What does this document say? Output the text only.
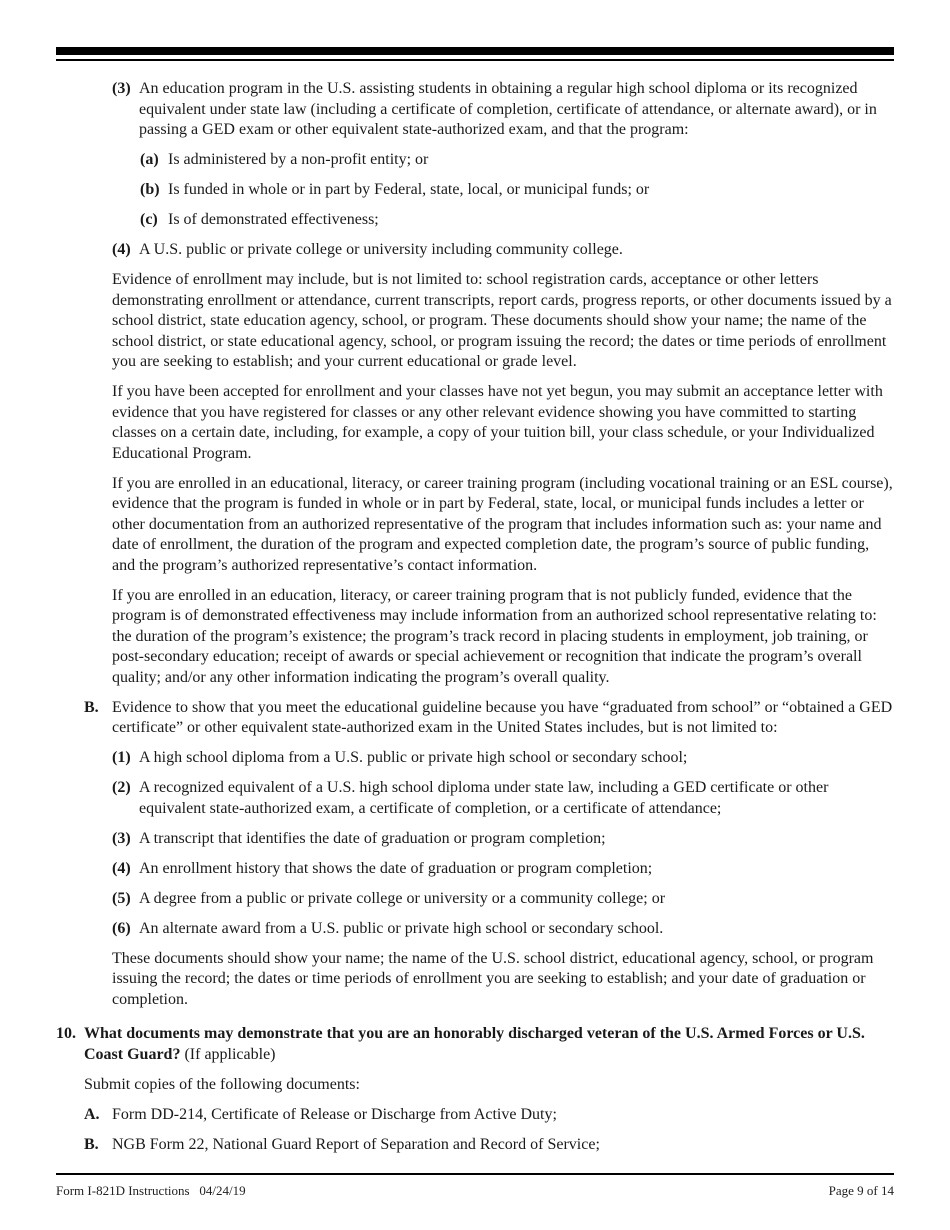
(3) An education program in the U.S. assisting students in obtaining a regular high school diploma or its recognized equivalent under state law (including a certificate of completion, certificate of attendance, or alternate award), or in passing a GED exam or other equivalent state-authorized exam, and that the program:
(a) Is administered by a non-profit entity; or
(b) Is funded in whole or in part by Federal, state, local, or municipal funds; or
(c) Is of demonstrated effectiveness;
(4) A U.S. public or private college or university including community college.
Evidence of enrollment may include, but is not limited to: school registration cards, acceptance or other letters demonstrating enrollment or attendance, current transcripts, report cards, progress reports, or other documents issued by a school district, state education agency, school, or program. These documents should show your name; the name of the school district, or state educational agency, school, or program issuing the record; the dates or time periods of enrollment you are seeking to establish; and your current educational or grade level.
If you have been accepted for enrollment and your classes have not yet begun, you may submit an acceptance letter with evidence that you have registered for classes or any other relevant evidence showing you have committed to starting classes on a certain date, including, for example, a copy of your tuition bill, your class schedule, or your Individualized Educational Program.
If you are enrolled in an educational, literacy, or career training program (including vocational training or an ESL course), evidence that the program is funded in whole or in part by Federal, state, local, or municipal funds includes a letter or other documentation from an authorized representative of the program that includes information such as: your name and date of enrollment, the duration of the program and expected completion date, the program’s source of public funding, and the program’s authorized representative’s contact information.
If you are enrolled in an education, literacy, or career training program that is not publicly funded, evidence that the program is of demonstrated effectiveness may include information from an authorized school representative relating to: the duration of the program’s existence; the program’s track record in placing students in employment, job training, or post-secondary education; receipt of awards or special achievement or recognition that indicate the program’s overall quality; and/or any other information indicating the program’s overall quality.
B. Evidence to show that you meet the educational guideline because you have “graduated from school” or “obtained a GED certificate” or other equivalent state-authorized exam in the United States includes, but is not limited to:
(1) A high school diploma from a U.S. public or private high school or secondary school;
(2) A recognized equivalent of a U.S. high school diploma under state law, including a GED certificate or other equivalent state-authorized exam, a certificate of completion, or a certificate of attendance;
(3) A transcript that identifies the date of graduation or program completion;
(4) An enrollment history that shows the date of graduation or program completion;
(5) A degree from a public or private college or university or a community college; or
(6) An alternate award from a U.S. public or private high school or secondary school.
These documents should show your name; the name of the U.S. school district, educational agency, school, or program issuing the record; the dates or time periods of enrollment you are seeking to establish; and your date of graduation or completion.
10. What documents may demonstrate that you are an honorably discharged veteran of the U.S. Armed Forces or U.S. Coast Guard? (If applicable)
Submit copies of the following documents:
A. Form DD-214, Certificate of Release or Discharge from Active Duty;
B. NGB Form 22, National Guard Report of Separation and Record of Service;
Form I-821D Instructions   04/24/19	Page 9 of 14
